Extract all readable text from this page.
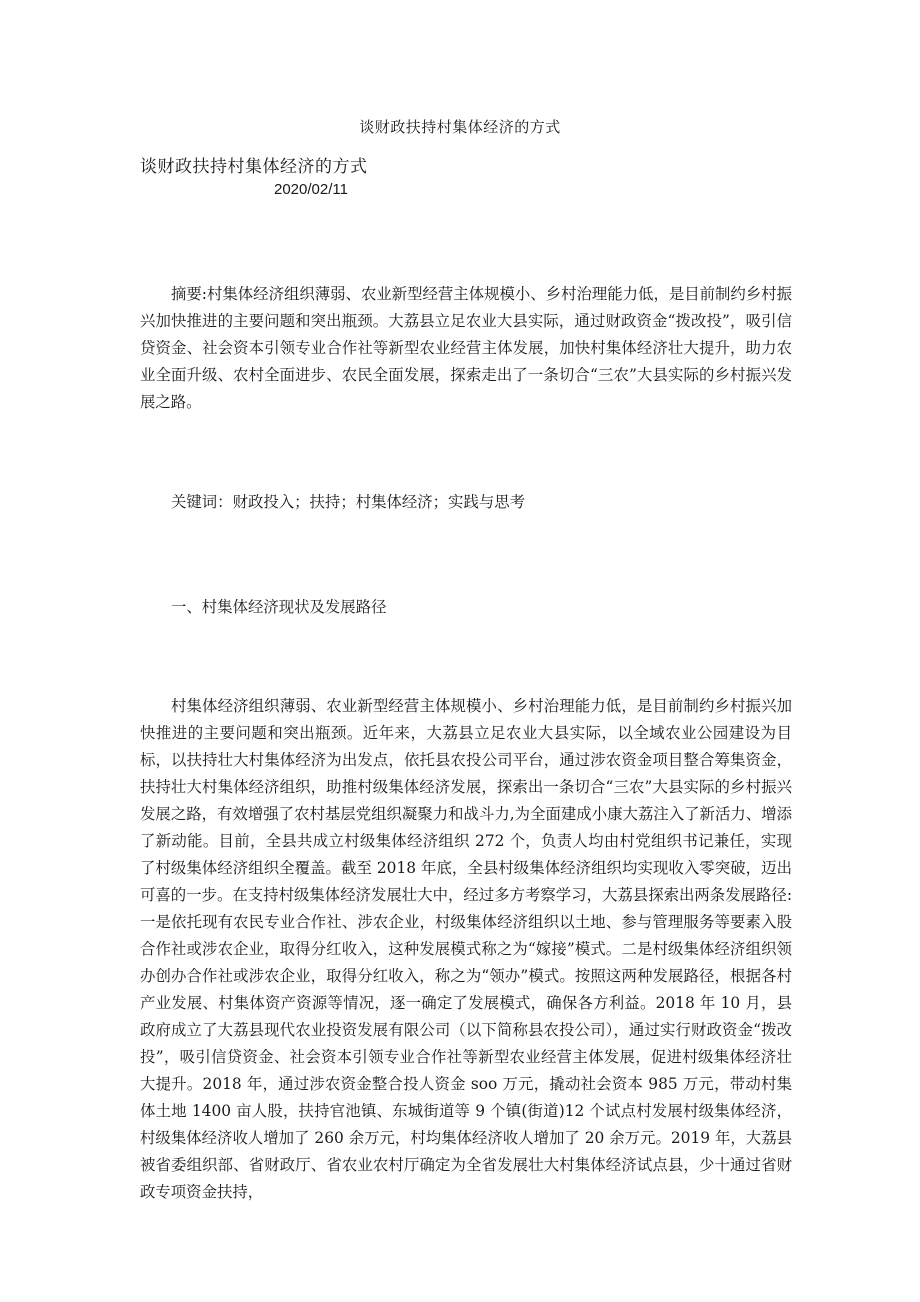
谈财政扶持村集体经济的方式
谈财政扶持村集体经济的方式
2020/02/11

摘要:村集体经济组织薄弱、农业新型经营主体规模小、乡村治理能力低，是目前制约乡村振兴加快推进的主要问题和突出瓶颈。大荔县立足农业大县实际，通过财政资金“拨改投”，吸引信贷资金、社会资本引领专业合作社等新型农业经营主体发展，加快村集体经济壮大提升，助力农业全面升级、农村全面进步、农民全面发展，探索走出了一条切合“三农”大县实际的乡村振兴发展之路。

关键词：财政投入；扶持；村集体经济；实践与思考

一、村集体经济现状及发展路径

村集体经济组织薄弱、农业新型经营主体规模小、乡村治理能力低，是目前制约乡村振兴加快推进的主要问题和突出瓶颈。近年来，大荔县立足农业大县实际，以全域农业公园建设为目标，以扶持壮大村集体经济为出发点，依托县农投公司平台，通过涉农资金项目整合筹集资金，扶持壮大村集体经济组织，助推村级集体经济发展，探索出一条切合“三农”大县实际的乡村振兴发展之路，有效增强了农村基层党组织凝聚力和战斗力,为全面建成小康大荔注入了新活力、增添了新动能。目前，全县共成立村级集体经济组织 272 个，负责人均由村党组织书记兼任，实现了村级集体经济组织全覆盖。截至 2018 年底，全县村级集体经济组织均实现收入零突破，迈出可喜的一步。在支持村级集体经济发展壮大中，经过多方考察学习，大荔县探索出两条发展路径: 一是依托现有农民专业合作社、涉农企业，村级集体经济组织以土地、参与管理服务等要素入股合作社或涉农企业，取得分红收入，这种发展模式称之为“嫁接”模式。二是村级集体经济组织领办创办合作社或涉农企业，取得分红收入，称之为“领办”模式。按照这两种发展路径，根据各村产业发展、村集体资产资源等情况，逐一确定了发展模式，确保各方利益。2018 年 10 月，县政府成立了大荔县现代农业投资发展有限公司（以下简称县农投公司），通过实行财政资金“拨改投”，吸引信贷资金、社会资本引领专业合作社等新型农业经营主体发展，促进村级集体经济壮大提升。2018 年，通过涉农资金整合投人资金 soo 万元，撬动社会资本 985 万元，带动村集体土地 1400 亩人股，扶持官池镇、东城街道等 9 个镇(街道)12 个试点村发展村级集体经济，村级集体经济收人增加了 260 余万元，村均集体经济收人增加了 20 余万元。2019 年，大荔县被省委组织部、省财政厅、省农业农村厅确定为全省发展壮大村集体经济试点县，少十通过省财政专项资金扶持，
